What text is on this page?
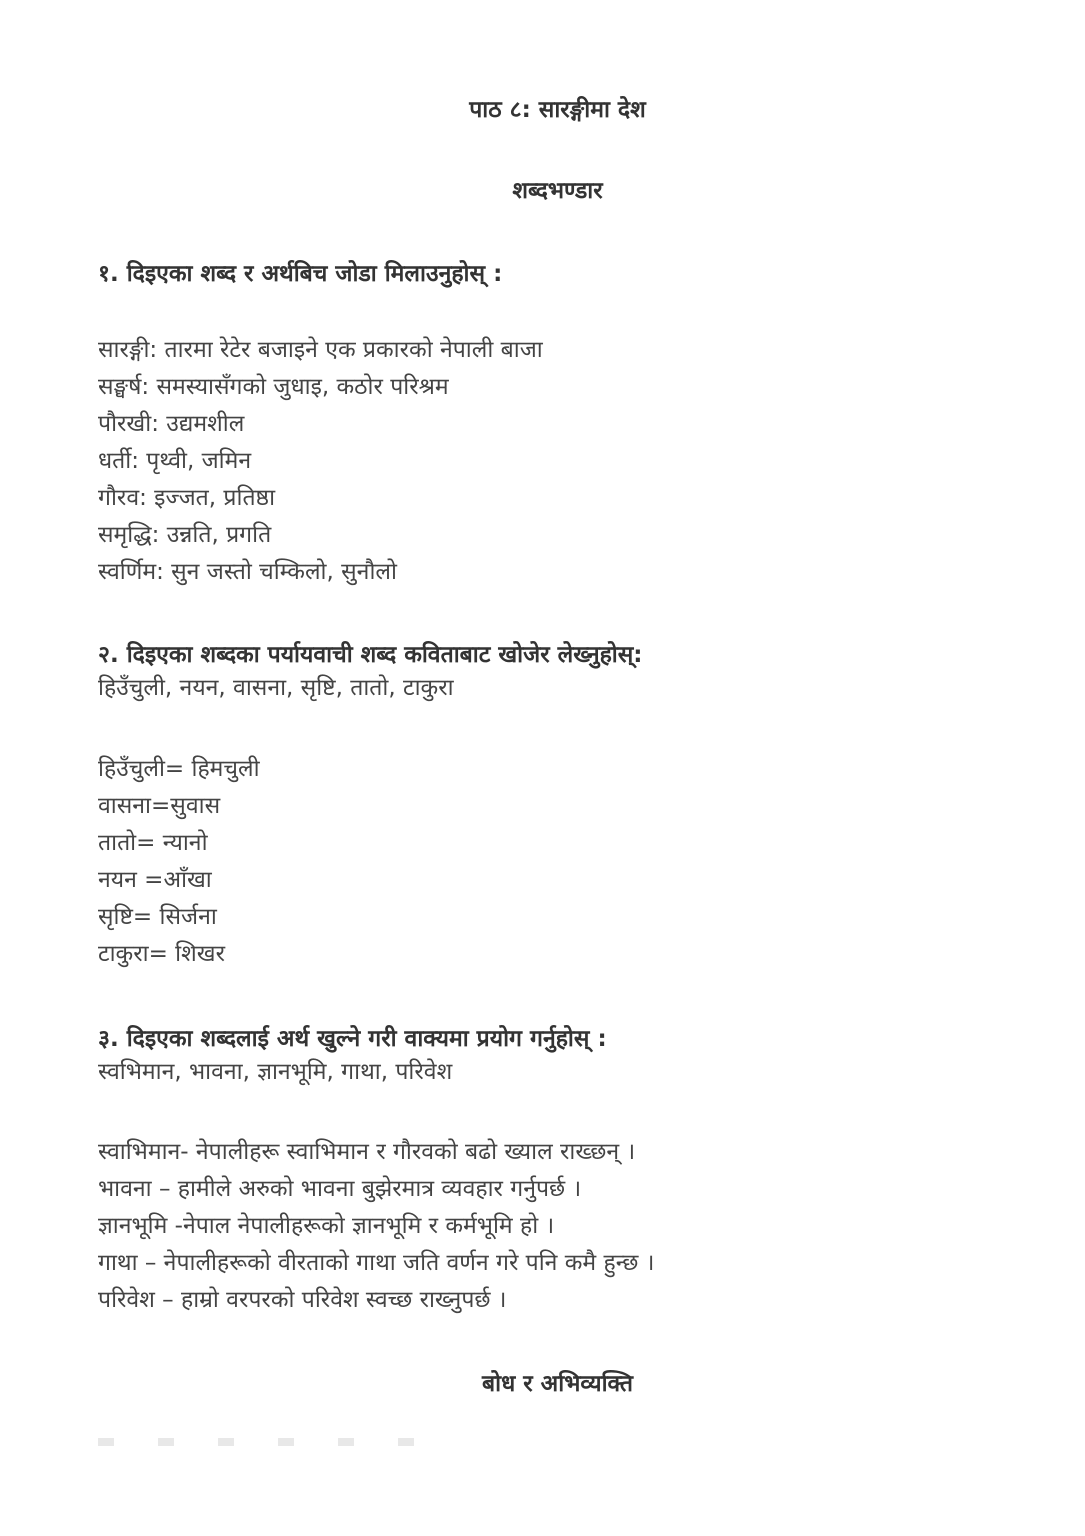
पाठ ८: सारङ्गीमा देश
शब्दभण्डार
१. दिइएका शब्द र अर्थबिच जोडा मिलाउनुहोस् :
सारङ्गी: तारमा रेटेर बजाइने एक प्रकारको नेपाली बाजा
सङ्घर्ष: समस्यासँगको जुधाइ, कठोर परिश्रम
पौरखी: उद्यमशील
धर्ती: पृथ्वी, जमिन
गौरव: इज्जत, प्रतिष्ठा
समृद्धि: उन्नति, प्रगति
स्वर्णिम: सुन जस्तो चम्किलो, सुनौलो
२. दिइएका शब्दका पर्यायवाची शब्द कविताबाट खोजेर लेख्नुहोस्:

हिउँचुली, नयन, वासना, सृष्टि, तातो, टाकुरा

हिउँचुली= हिमचुली
वासना=सुवास
तातो= न्यानो
नयन =आँखा
सृष्टि= सिर्जना
टाकुरा= शिखर
३. दिइएका शब्दलाई अर्थ खुल्ने गरी वाक्यमा प्रयोग गर्नुहोस् :

स्वभिमान, भावना, ज्ञानभूमि, गाथा, परिवेश

स्वाभिमान- नेपालीहरू स्वाभिमान र गौरवको बढो ख्याल राख्छन् ।
भावना – हामीले अरुको भावना बुझेरमात्र व्यवहार गर्नुपर्छ ।
ज्ञानभूमि -नेपाल नेपालीहरूको ज्ञानभूमि र कर्मभूमि हो ।
गाथा – नेपालीहरूको वीरताको गाथा जति वर्णन गरे पनि कमै हुन्छ ।
परिवेश – हाम्रो वरपरको परिवेश स्वच्छ राख्नुपर्छ ।
बोध र अभिव्यक्ति
